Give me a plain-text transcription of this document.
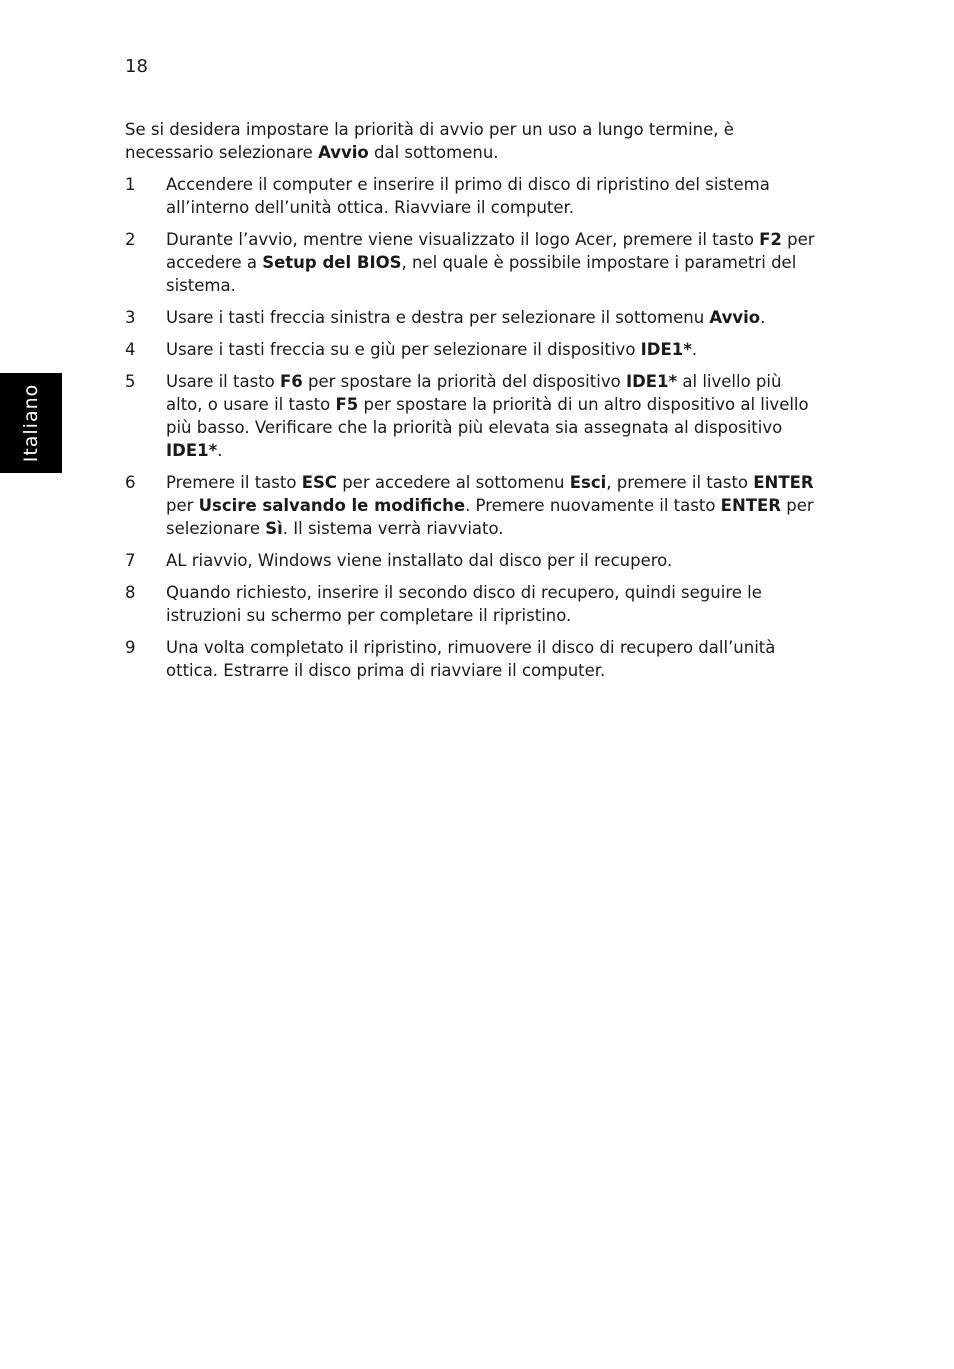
18
Italiano

Se si desidera impostare la priorità di avvio per un uso a lungo termine, è necessario selezionare Avvio dal sottomenu.

1	Accendere il computer e inserire il primo di disco di ripristino del sistema all’interno dell’unità ottica. Riavviare il computer.
2	Durante l’avvio, mentre viene visualizzato il logo Acer, premere il tasto F2 per accedere a Setup del BIOS, nel quale è possibile impostare i parametri del sistema.
3	Usare i tasti freccia sinistra e destra per selezionare il sottomenu Avvio.
4	Usare i tasti freccia su e giù per selezionare il dispositivo IDE1*.
5	Usare il tasto F6 per spostare la priorità del dispositivo IDE1* al livello più alto, o usare il tasto F5 per spostare la priorità di un altro dispositivo al livello più basso. Verificare che la priorità più elevata sia assegnata al dispositivo IDE1*.
6	Premere il tasto ESC per accedere al sottomenu Esci, premere il tasto ENTER per Uscire salvando le modifiche. Premere nuovamente il tasto ENTER per selezionare Sì. Il sistema verrà riavviato.
7	AL riavvio, Windows viene installato dal disco per il recupero.
8	Quando richiesto, inserire il secondo disco di recupero, quindi seguire le istruzioni su schermo per completare il ripristino.
9	Una volta completato il ripristino, rimuovere il disco di recupero dall’unità ottica. Estrarre il disco prima di riavviare il computer.
